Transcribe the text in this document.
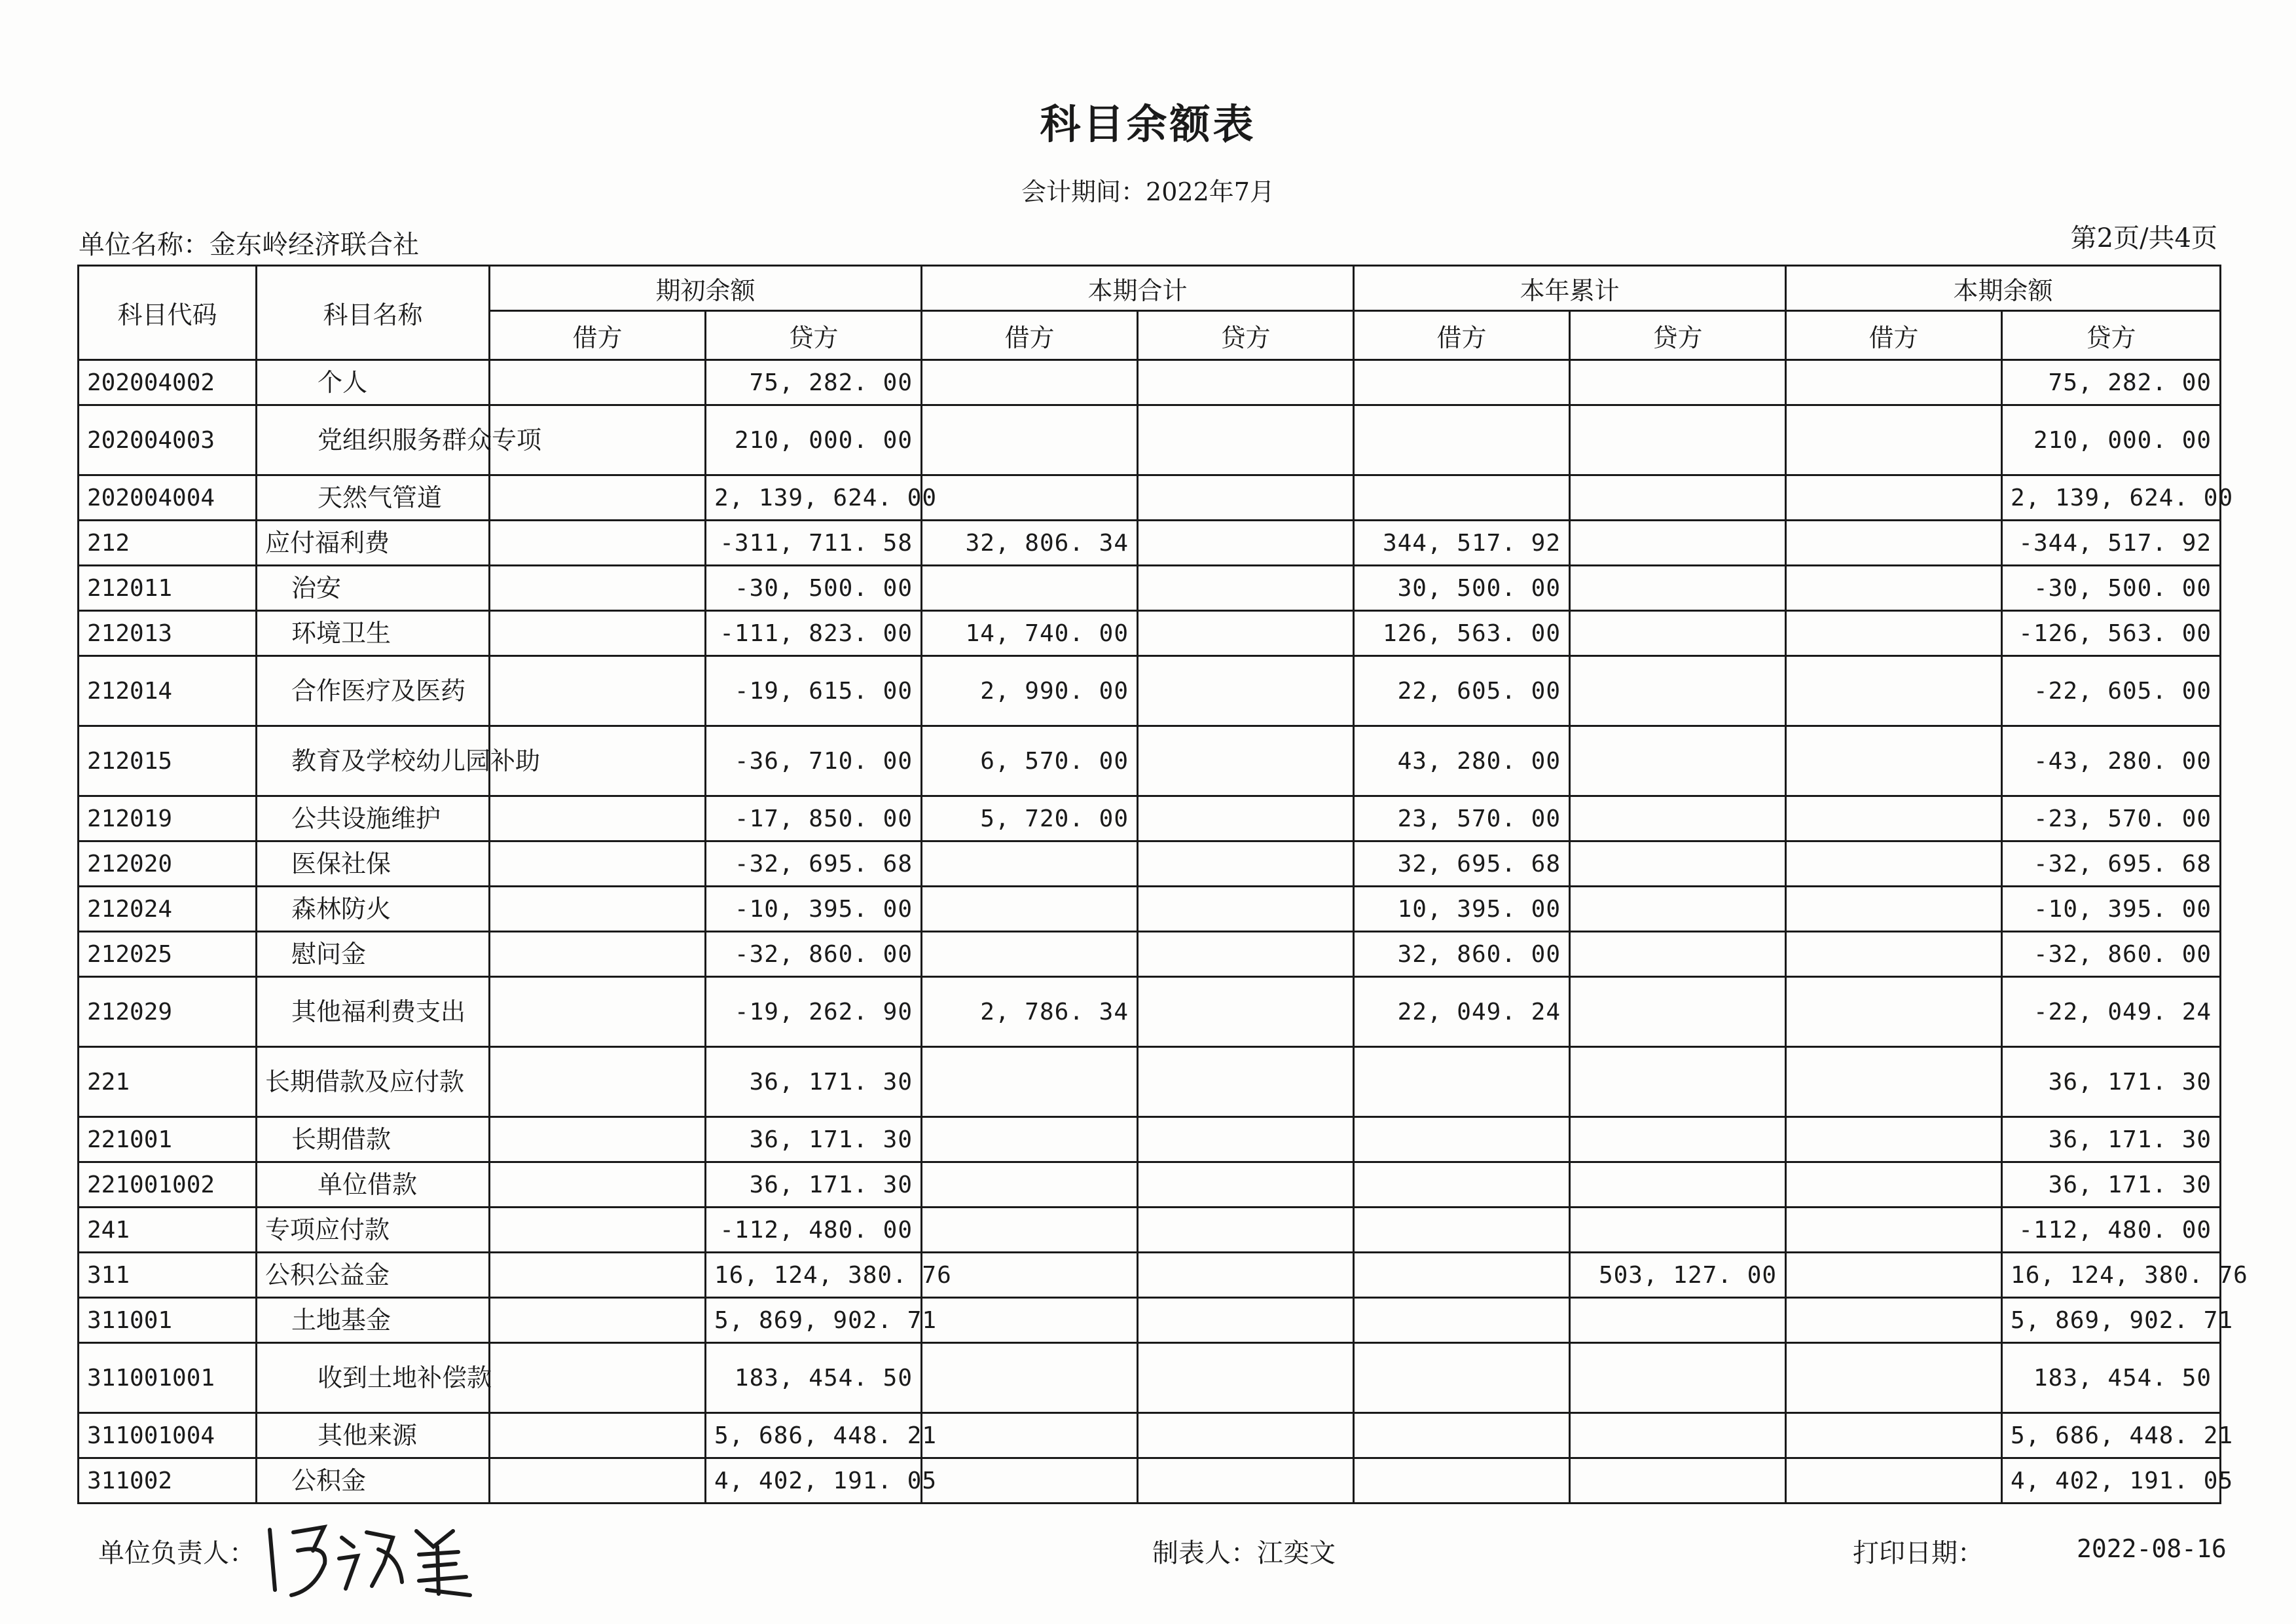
科目余额表
会计期间：2022年7月
单位名称：金东岭经济联合社	第2页/共4页
科目代码	科目名称	期初余额		本期合计		本年累计		本期余额	
		借方	贷方	借方	贷方	借方	贷方	借方	贷方
202004002	个人		75, 282. 00						75, 282. 00
202004003	党组织服务群众专项		210, 000. 00						210, 000. 00
202004004	天然气管道		2, 139, 624. 00						2, 139, 624. 00
212	应付福利费		-311, 711. 58	32, 806. 34		344, 517. 92			-344, 517. 92
212011	治安		-30, 500. 00			30, 500. 00			-30, 500. 00
212013	环境卫生		-111, 823. 00	14, 740. 00		126, 563. 00			-126, 563. 00
212014	合作医疗及医药		-19, 615. 00	2, 990. 00		22, 605. 00			-22, 605. 00
212015	教育及学校幼儿园补助		-36, 710. 00	6, 570. 00		43, 280. 00			-43, 280. 00
212019	公共设施维护		-17, 850. 00	5, 720. 00		23, 570. 00			-23, 570. 00
212020	医保社保		-32, 695. 68			32, 695. 68			-32, 695. 68
212024	森林防火		-10, 395. 00			10, 395. 00			-10, 395. 00
212025	慰问金		-32, 860. 00			32, 860. 00			-32, 860. 00
212029	其他福利费支出		-19, 262. 90	2, 786. 34		22, 049. 24			-22, 049. 24
221	长期借款及应付款		36, 171. 30						36, 171. 30
221001	长期借款		36, 171. 30						36, 171. 30
221001002	单位借款		36, 171. 30						36, 171. 30
241	专项应付款		-112, 480. 00						-112, 480. 00
311	公积公益金		16, 124, 380. 76				503, 127. 00		16, 124, 380. 76
311001	土地基金		5, 869, 902. 71						5, 869, 902. 71
311001001	收到土地补偿款		183, 454. 50						183, 454. 50
311001004	其他来源		5, 686, 448. 21						5, 686, 448. 21
311002	公积金		4, 402, 191. 05						4, 402, 191. 05
单位负责人：	制表人：江奕文	打印日期：	2022-08-16
